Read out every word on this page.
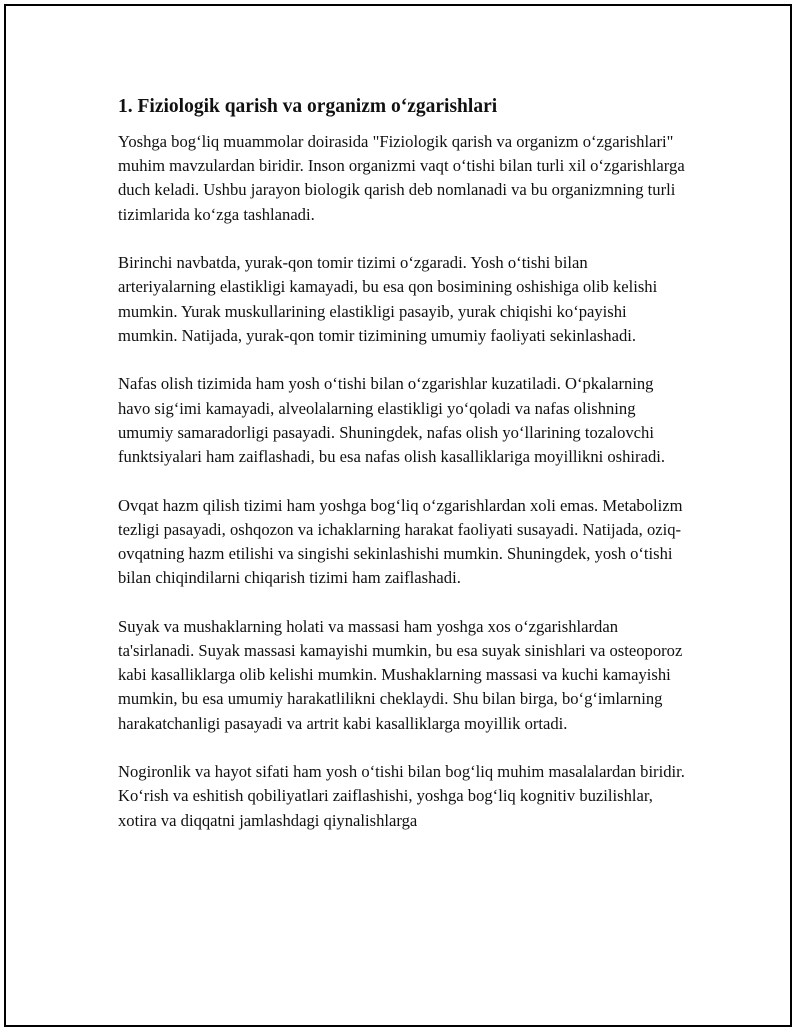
1. Fiziologik qarish va organizm o‘zgarishlari

Yoshga bog‘liq muammolar doirasida "Fiziologik qarish va organizm o‘zgarishlari" muhim mavzulardan biridir. Inson organizmi vaqt o‘tishi bilan turli xil o‘zgarishlarga duch keladi. Ushbu jarayon biologik qarish deb nomlanadi va bu organizmning turli tizimlarida ko‘zga tashlanadi.

Birinchi navbatda, yurak-qon tomir tizimi o‘zgaradi. Yosh o‘tishi bilan arteriyalarning elastikligi kamayadi, bu esa qon bosimining oshishiga olib kelishi mumkin. Yurak muskullarining elastikligi pasayib, yurak chiqishi ko‘payishi mumkin. Natijada, yurak-qon tomir tizimining umumiy faoliyati sekinlashadi.

Nafas olish tizimida ham yosh o‘tishi bilan o‘zgarishlar kuzatiladi. O‘pkalarning havo sig‘imi kamayadi, alveolalarning elastikligi yo‘qoladi va nafas olishning umumiy samaradorligi pasayadi. Shuningdek, nafas olish yo‘llarining tozalovchi funktsiyalari ham zaiflashadi, bu esa nafas olish kasalliklariga moyillikni oshiradi.

Ovqat hazm qilish tizimi ham yoshga bog‘liq o‘zgarishlardan xoli emas. Metabolizm tezligi pasayadi, oshqozon va ichaklarning harakat faoliyati susayadi. Natijada, oziq-ovqatning hazm etilishi va singishi sekinlashishi mumkin. Shuningdek, yosh o‘tishi bilan chiqindilarni chiqarish tizimi ham zaiflashadi.

Suyak va mushaklarning holati va massasi ham yoshga xos o‘zgarishlardan ta'sirlanadi. Suyak massasi kamayishi mumkin, bu esa suyak sinishlari va osteoporoz kabi kasalliklarga olib kelishi mumkin. Mushaklarning massasi va kuchi kamayishi mumkin, bu esa umumiy harakatlilikni cheklaydi. Shu bilan birga, bo‘g‘imlarning harakatchanligi pasayadi va artrit kabi kasalliklarga moyillik ortadi.

Nogironlik va hayot sifati ham yosh o‘tishi bilan bog‘liq muhim masalalardan biridir. Ko‘rish va eshitish qobiliyatlari zaiflashishi, yoshga bog‘liq kognitiv buzilishlar, xotira va diqqatni jamlashdagi qiynalishlarga
